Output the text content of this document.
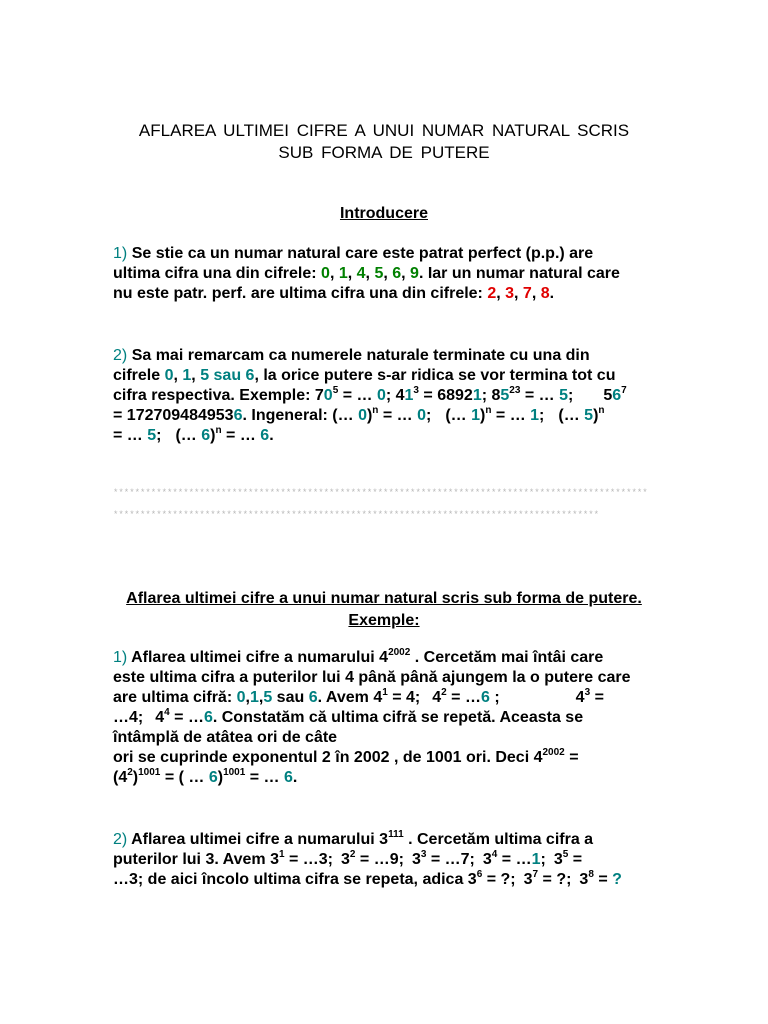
AFLAREA ULTIMEI CIFRE A UNUI NUMAR NATURAL SCRIS
SUB FORMA DE PUTERE
Introducere
1) Se stie ca un numar natural care este patrat perfect (p.p.) are
ultima cifra una din cifrele: 0, 1, 4, 5, 6, 9. Iar un numar natural care
nu este patr. perf. are ultima cifra una din cifrele: 2, 3, 7, 8.
2) Sa mai remarcam ca numerele naturale terminate cu una din
cifrele 0, 1, 5 sau 6, la orice putere s-ar ridica se vor termina tot cu
cifra respectiva. Exemple: $70^5$ = … 0; $41^3 = 68921$; $85^{23}$ = … 5; $56^7$
= 1727094849536. Ingeneral: (… 0)$^n$ = … 0; (… 1)$^n$ = … 1; (… 5)$^n$
= … 5; (… 6)$^n$ = … 6.
*********************************************************************************************************************************************************************************************
Aflarea ultimei cifre a unui numar natural scris sub forma de putere.
Exemple:
1) Aflarea ultimei cifre a numarului $4^{2002}$ . Cercetăm mai întâi care
este ultima cifra a puterilor lui 4 până până ajungem la o putere care
are ultima cifră: 0,1,5 sau 6. Avem $4^1 = 4$; $4^2$ = …6 ;	$4^3$ =
…4; $4^4$ = …6. Constatăm că ultima cifră se repetă. Aceasta se
întâmplă de atâtea ori de câte
ori se cuprinde exponentul 2 în 2002 , de 1001 ori. Deci $4^{2002}$ =
$(4^2)^{1001}$ = ( … 6)$^{1001}$ = … 6.
2) Aflarea ultimei cifre a numarului $3^{111}$ . Cercetăm ultima cifra a
puterilor lui 3. Avem $3^1$ = …3; $3^2$ = …9; $3^3$ = …7; $3^4$ = …1; $3^5$ =
…3; de aici încolo ultima cifra se repeta, adica $3^6$ = ?; $3^7$ = ?; $3^8$ = ?
